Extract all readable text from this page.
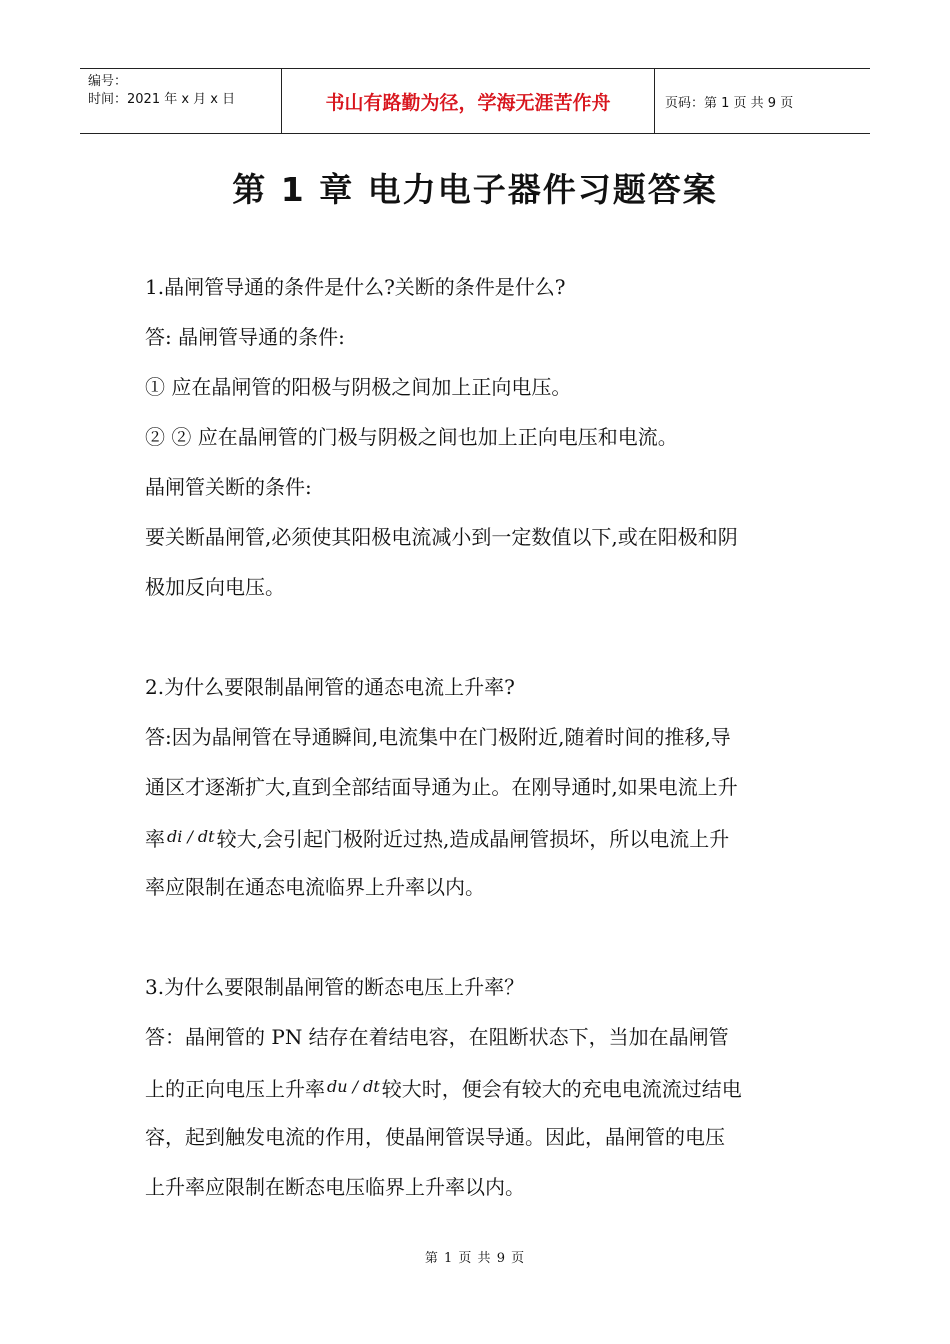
编号：
时间：2021 年 x 月 x 日	书山有路勤为径，学海无涯苦作舟	页码：第 1 页 共 9 页
第 1 章 电力电子器件习题答案
1.晶闸管导通的条件是什么?关断的条件是什么?
答: 晶闸管导通的条件:
① 应在晶闸管的阳极与阴极之间加上正向电压。
② ② 应在晶闸管的门极与阴极之间也加上正向电压和电流。
晶闸管关断的条件:
要关断晶闸管,必须使其阳极电流减小到一定数值以下,或在阳极和阴
极加反向电压。
2.为什么要限制晶闸管的通态电流上升率?
答:因为晶闸管在导通瞬间,电流集中在门极附近,随着时间的推移,导
通区才逐渐扩大,直到全部结面导通为止。在刚导通时,如果电流上升
率 $^{di / dt}$ 较大,会引起门极附近过热,造成晶闸管损坏，所以电流上升
率应限制在通态电流临界上升率以内。
3.为什么要限制晶闸管的断态电压上升率？
答：晶闸管的 PN 结存在着结电容，在阻断状态下，当加在晶闸管
上的正向电压上升率 $^{du / dt}$ 较大时，便会有较大的充电电流流过结电
容，起到触发电流的作用，使晶闸管误导通。因此，晶闸管的电压
上升率应限制在断态电压临界上升率以内。
第 1 页 共 9 页
